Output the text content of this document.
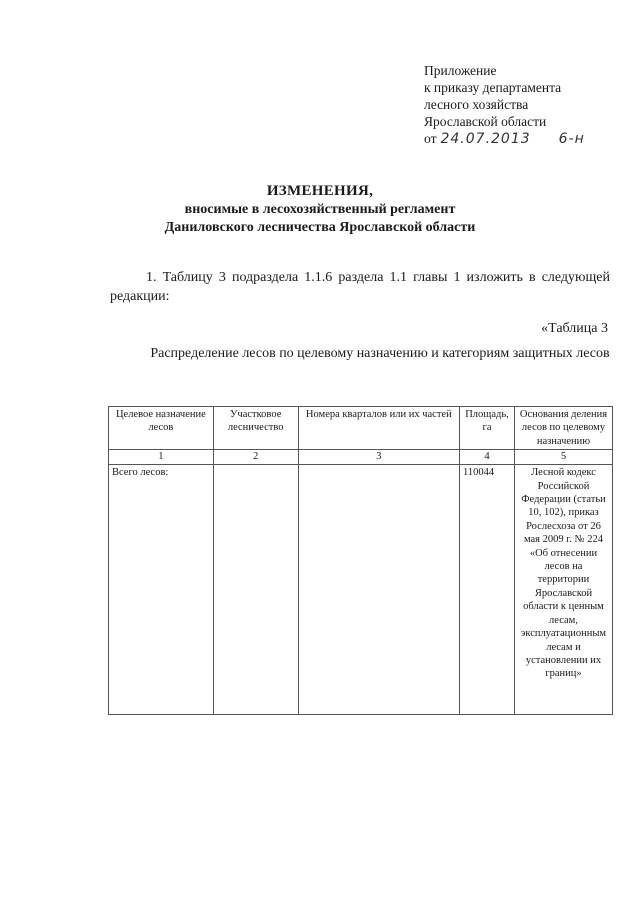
Приложение
к приказу департамента
лесного хозяйства
Ярославской области
от 24.07.2013 6-н
ИЗМЕНЕНИЯ,
вносимые в лесохозяйственный регламент
Даниловского лесничества Ярославской области
1. Таблицу 3 подраздела 1.1.6 раздела 1.1 главы 1 изложить в следующей редакции:
«Таблица 3
Распределение лесов по целевому назначению и категориям защитных лесов
Целевое назначение лесов	Участковое лесничество	Номера кварталов или их частей	Площадь, га	Основания деления лесов по целевому назначению
1	2	3	4	5
Всего лесов:			110044	Лесной кодекс Российской Федерации (статьи 10, 102), приказ Рослесхоза от 26 мая 2009 г. № 224 «Об отнесении лесов на территории Ярославской области к ценным лесам, эксплуатационным лесам и установлении их границ»
